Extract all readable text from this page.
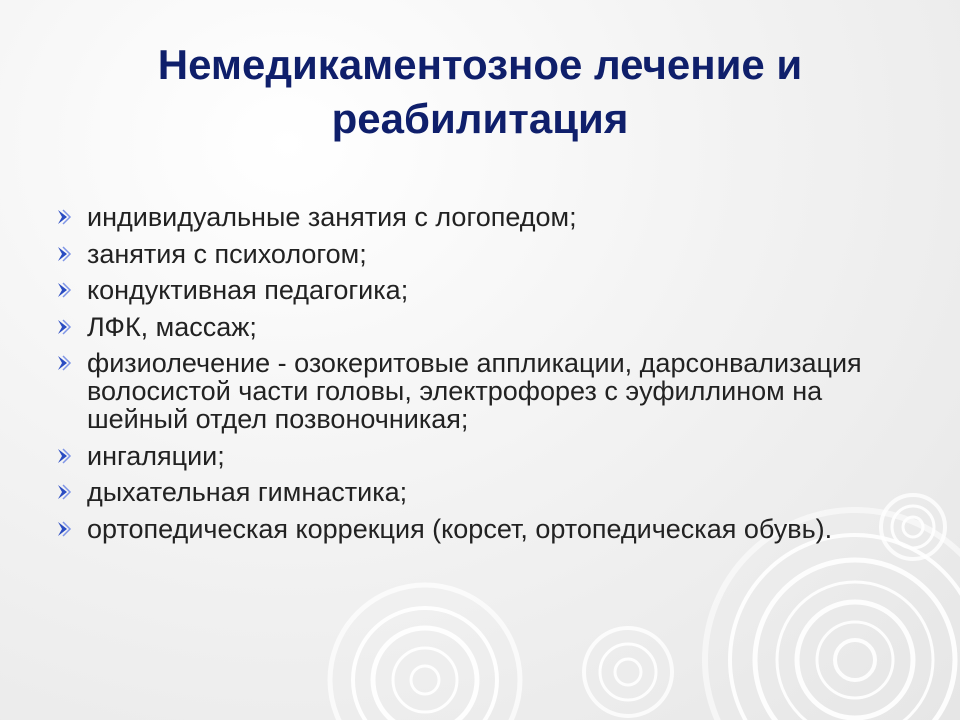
Немедикаментозное лечение и
реабилитация
индивидуальные занятия с логопедом;
занятия с психологом;
кондуктивная педагогика;
ЛФК, массаж;
физиолечение - озокеритовые аппликации, дарсонвализация волосистой части головы, электрофорез с эуфиллином на шейный отдел позвоночникая;
ингаляции;
дыхательная гимнастика;
ортопедическая коррекция (корсет, ортопедическая обувь).
